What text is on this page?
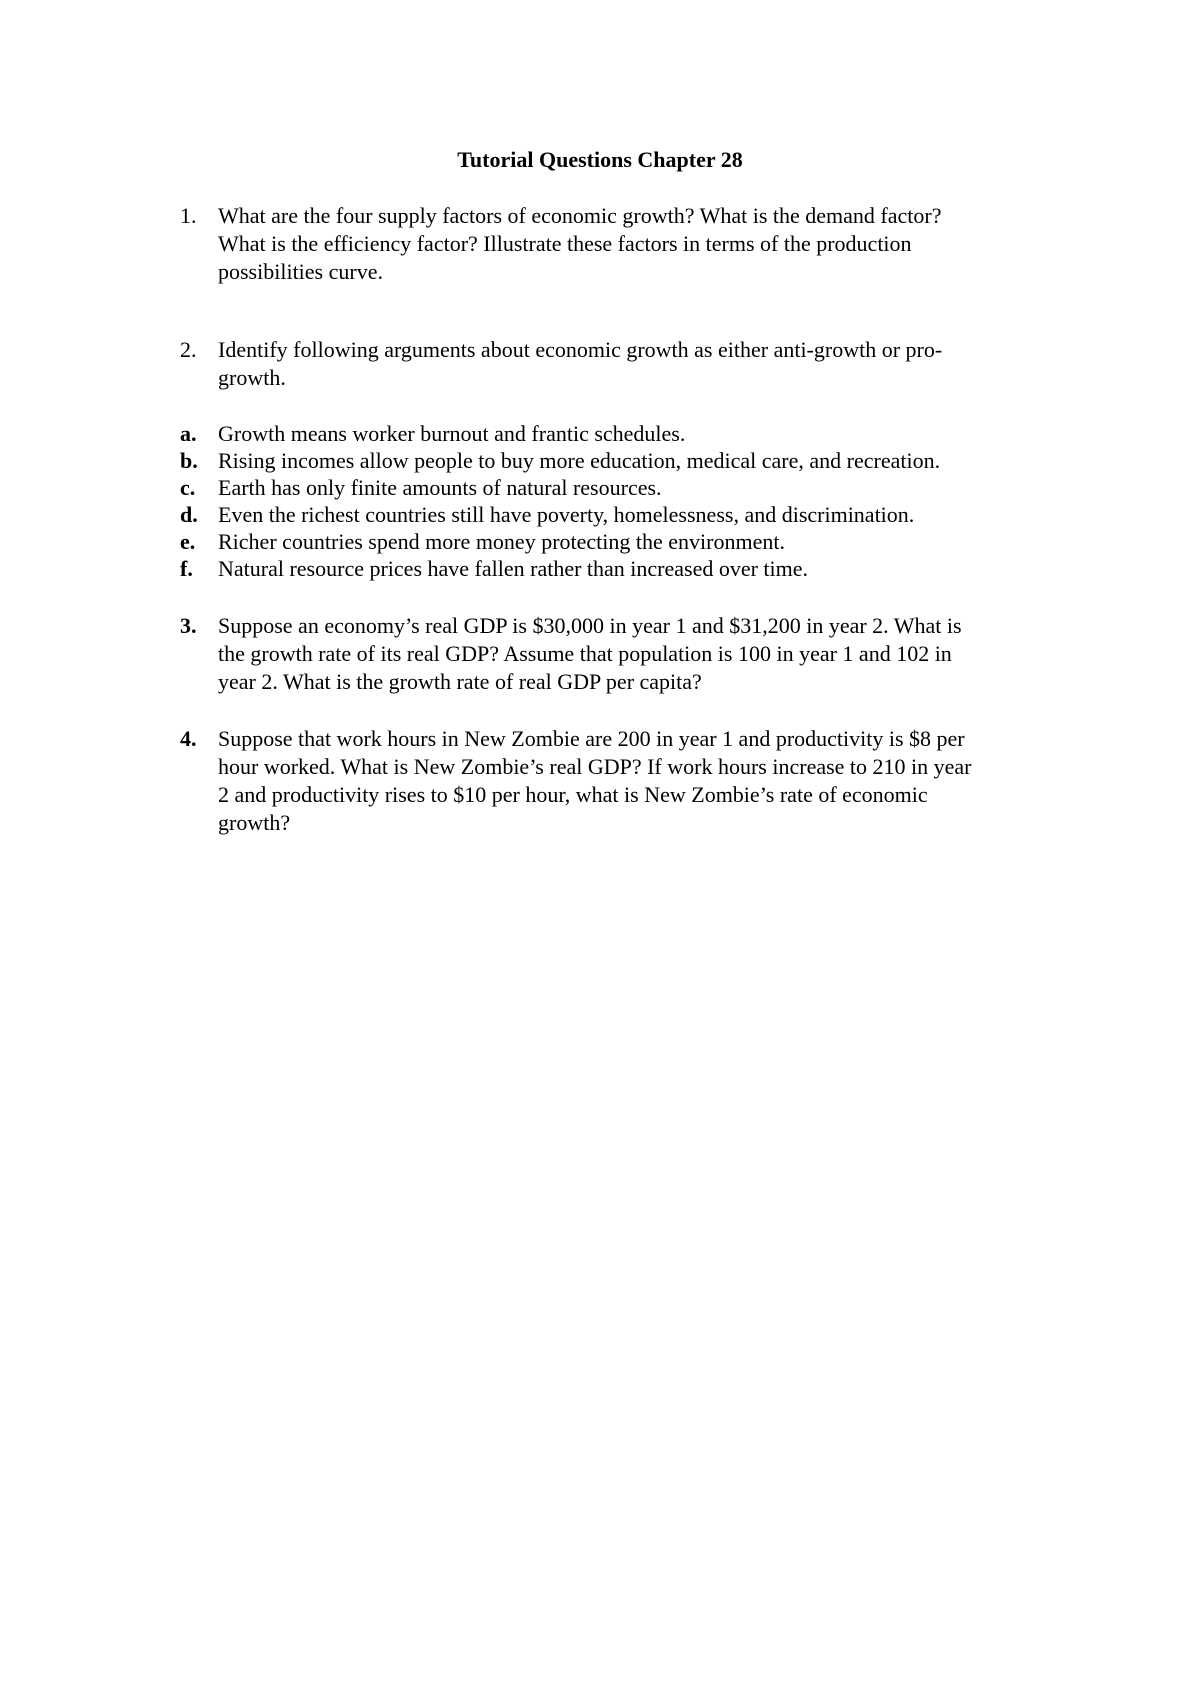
Tutorial Questions Chapter 28
1. What are the four supply factors of economic growth? What is the demand factor?
What is the efficiency factor? Illustrate these factors in terms of the production
possibilities curve.
2. Identify following arguments about economic growth as either anti-growth or pro-
growth.
a. Growth means worker burnout and frantic schedules.
b. Rising incomes allow people to buy more education, medical care, and recreation.
c.	Earth has only finite amounts of natural resources.
d. Even the richest countries still have poverty, homelessness, and discrimination.
e.	Richer countries spend more money protecting the environment.
f.	Natural resource prices have fallen rather than increased over time.
3. Suppose an economy’s real GDP is $30,000 in year 1 and $31,200 in year 2. What is
the growth rate of its real GDP? Assume that population is 100 in year 1 and 102 in
year 2. What is the growth rate of real GDP per capita?
4. Suppose that work hours in New Zombie are 200 in year 1 and productivity is $8 per
hour worked. What is New Zombie’s real GDP? If work hours increase to 210 in year
2 and productivity rises to $10 per hour, what is New Zombie’s rate of economic
growth?
